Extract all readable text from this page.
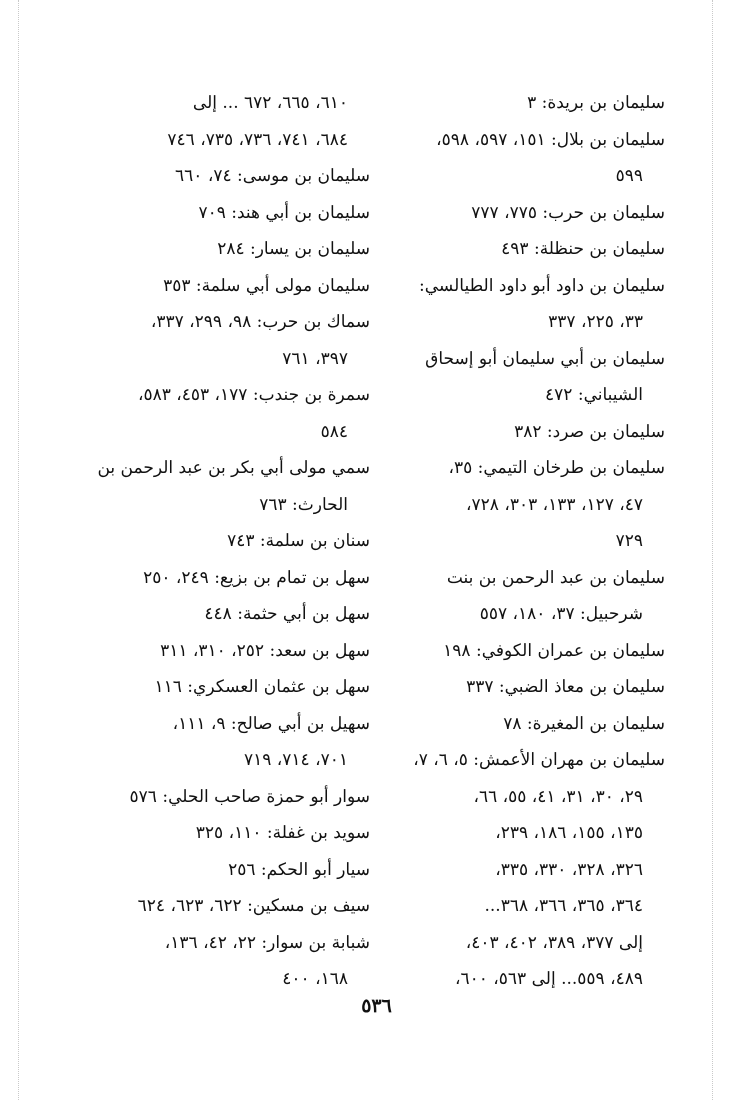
سليمان بن بريدة: ٣
سليمان بن بلال: ١٥١، ٥٩٧، ٥٩٨،
٥٩٩
سليمان بن حرب: ٧٧٥، ٧٧٧
سليمان بن حنظلة: ٤٩٣
سليمان بن داود أبو داود الطيالسي:
٣٣، ٢٢٥، ٣٣٧
سليمان بن أبي سليمان أبو إسحاق
الشيباني: ٤٧٢
سليمان بن صرد: ٣٨٢
سليمان بن طرخان التيمي: ٣٥،
٤٧، ١٢٧، ١٣٣، ٣٠٣، ٧٢٨،
٧٢٩
سليمان بن عبد الرحمن بن بنت
شرحبيل: ٣٧، ١٨٠، ٥٥٧
سليمان بن عمران الكوفي: ١٩٨
سليمان بن معاذ الضبي: ٣٣٧
سليمان بن المغيرة: ٧٨
سليمان بن مهران الأعمش: ٥، ٦، ٧،
٢٩، ٣٠، ٣١، ٤١، ٥٥، ٦٦،
١٣٥، ١٥٥، ١٨٦، ٢٣٩،
٣٢٦، ٣٢٨، ٣٣٠، ٣٣٥،
٣٦٤، ٣٦٥، ٣٦٦، ٣٦٨...
إلى ٣٧٧، ٣٨٩، ٤٠٢، ٤٠٣،
٤٨٩، ٥٥٩... إلى ٥٦٣، ٦٠٠،
٦١٠، ٦٦٥، ٦٧٢ ... إلى
٦٨٤، ٧٤١، ٧٣٦، ٧٣٥، ٧٤٦
سليمان بن موسى: ٧٤، ٦٦٠
سليمان بن أبي هند: ٧٠٩
سليمان بن يسار: ٢٨٤
سليمان مولى أبي سلمة: ٣٥٣
سماك بن حرب: ٩٨، ٢٩٩، ٣٣٧،
٣٩٧، ٧٦١
سمرة بن جندب: ١٧٧، ٤٥٣، ٥٨٣،
٥٨٤
سمي مولى أبي بكر بن عبد الرحمن بن
الحارث: ٧٦٣
سنان بن سلمة: ٧٤٣
سهل بن تمام بن بزيع: ٢٤٩، ٢٥٠
سهل بن أبي حثمة: ٤٤٨
سهل بن سعد: ٢٥٢، ٣١٠، ٣١١
سهل بن عثمان العسكري: ١١٦
سهيل بن أبي صالح: ٩، ١١١،
٧٠١، ٧١٤، ٧١٩
سوار أبو حمزة صاحب الحلي: ٥٧٦
سويد بن غفلة: ١١٠، ٣٢٥
سيار أبو الحكم: ٢٥٦
سيف بن مسكين: ٦٢٢، ٦٢٣، ٦٢٤
شبابة بن سوار: ٢٢، ٤٢، ١٣٦،
١٦٨، ٤٠٠
٥٣٦
